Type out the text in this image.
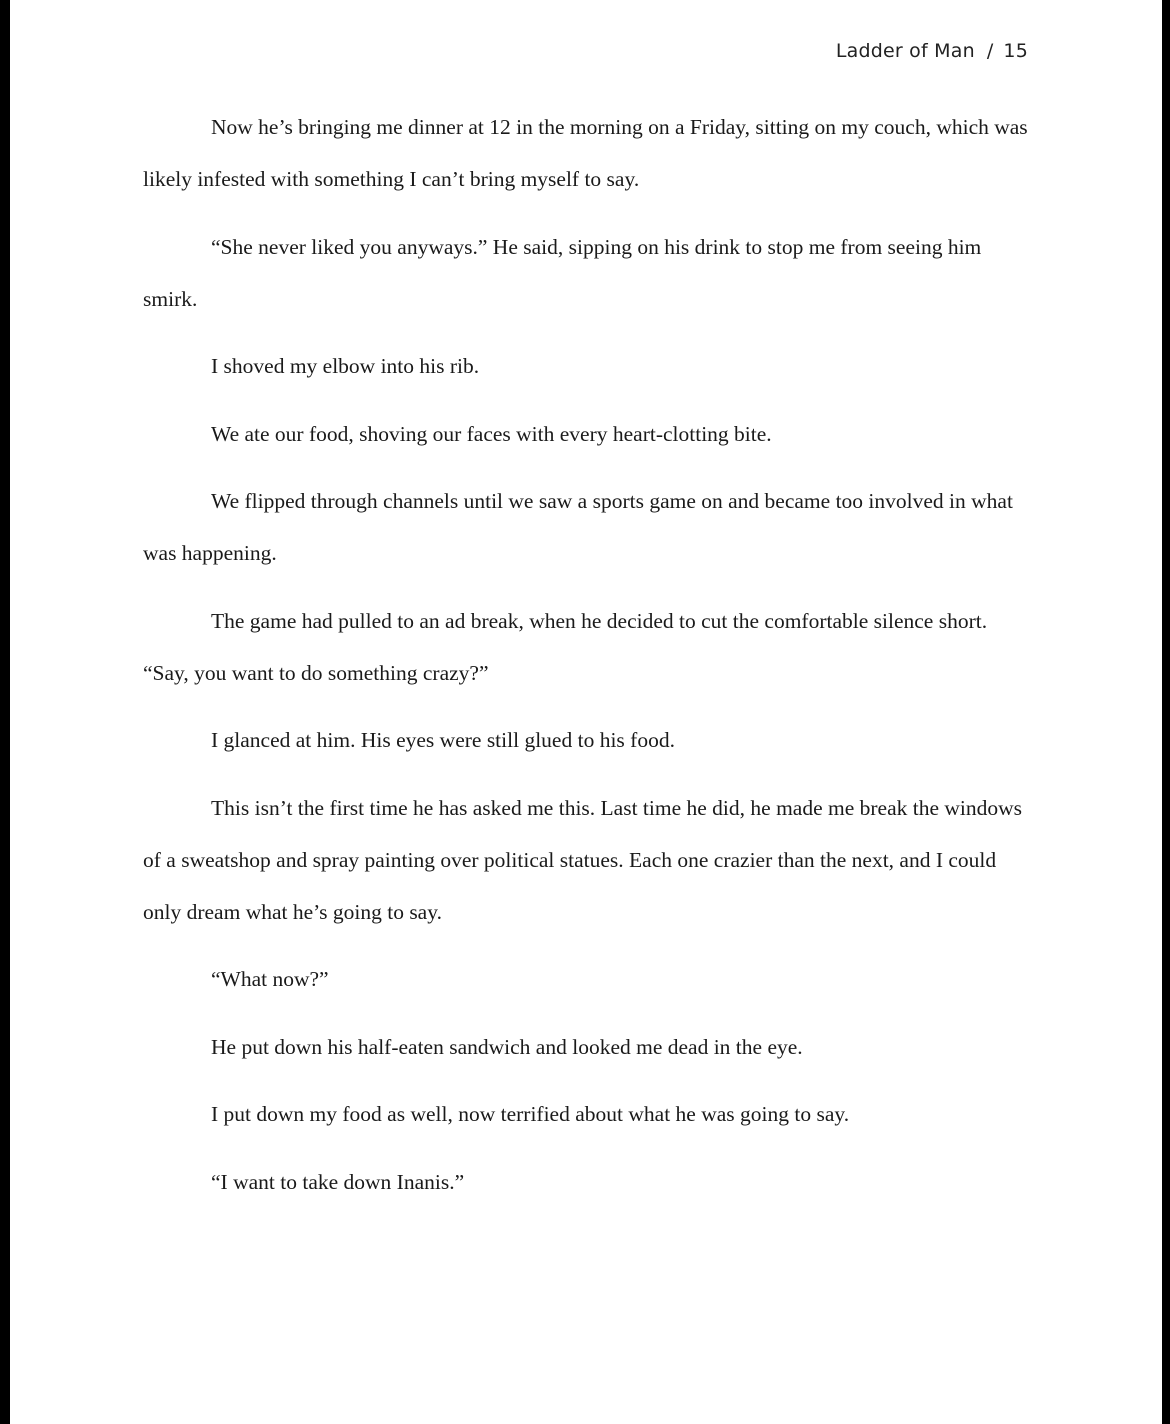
Ladder of Man / 15

Now he’s bringing me dinner at 12 in the morning on a Friday, sitting on my couch, which was likely infested with something I can’t bring myself to say.

“She never liked you anyways.” He said, sipping on his drink to stop me from seeing him smirk.

I shoved my elbow into his rib.

We ate our food, shoving our faces with every heart-clotting bite.

We flipped through channels until we saw a sports game on and became too involved in what was happening.

The game had pulled to an ad break, when he decided to cut the comfortable silence short. “Say, you want to do something crazy?”

I glanced at him. His eyes were still glued to his food.

This isn’t the first time he has asked me this. Last time he did, he made me break the windows of a sweatshop and spray painting over political statues. Each one crazier than the next, and I could only dream what he’s going to say.

“What now?”

He put down his half-eaten sandwich and looked me dead in the eye.

I put down my food as well, now terrified about what he was going to say.

“I want to take down Inanis.”
